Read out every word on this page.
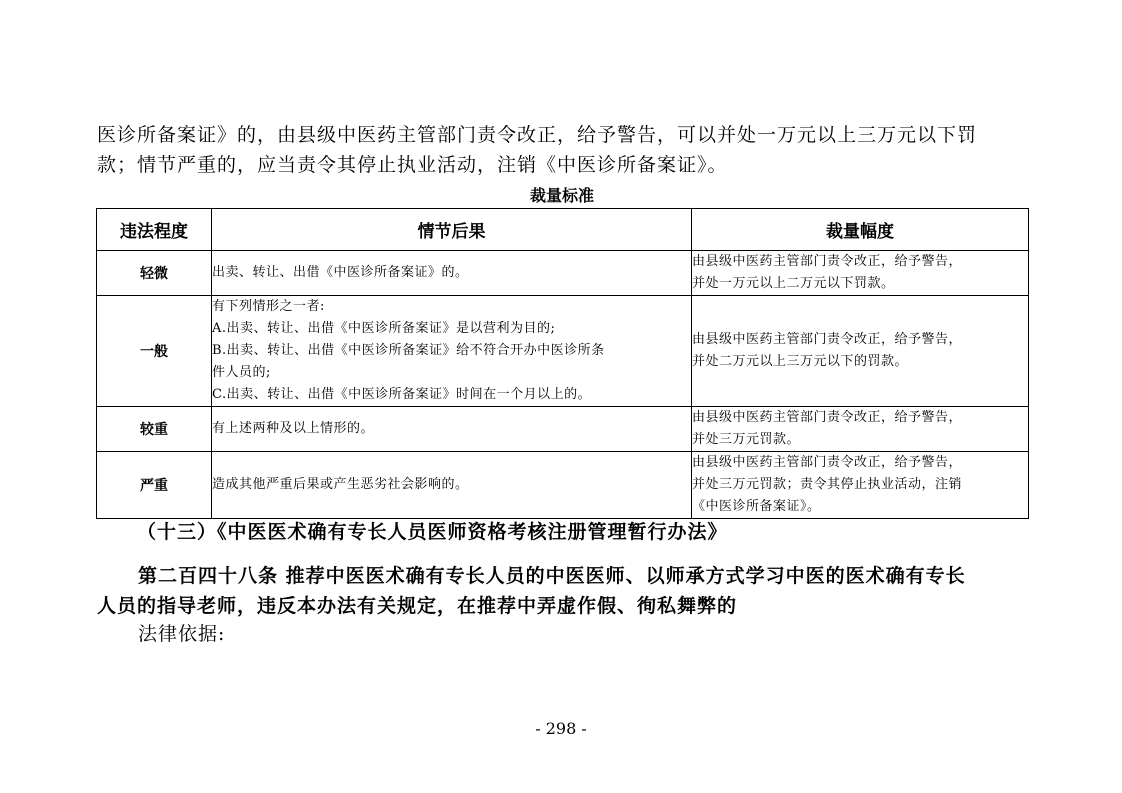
医诊所备案证》的，由县级中医药主管部门责令改正，给予警告，可以并处一万元以上三万元以下罚
款；情节严重的，应当责令其停止执业活动，注销《中医诊所备案证》。

裁量标准
违法程度	情节后果	裁量幅度
轻微	出卖、转让、出借《中医诊所备案证》的。	由县级中医药主管部门责令改正，给予警告，
并处一万元以上二万元以下罚款。

一般	有下列情形之一者:
A.出卖、转让、出借《中医诊所备案证》是以营利为目的;
B.出卖、转让、出借《中医诊所备案证》给不符合开办中医诊所条
件人员的;
C.出卖、转让、出借《中医诊所备案证》时间在一个月以上的。	由县级中医药主管部门责令改正，给予警告，
并处二万元以上三万元以下的罚款。

较重	有上述两种及以上情形的。	由县级中医药主管部门责令改正，给予警告，
并处三万元罚款。

严重	造成其他严重后果或产生恶劣社会影响的。	由县级中医药主管部门责令改正，给予警告，
并处三万元罚款；责令其停止执业活动，注销
《中医诊所备案证》。

（十三）《中医医术确有专长人员医师资格考核注册管理暂行办法》

第二百四十八条 推荐中医医术确有专长人员的中医医师、以师承方式学习中医的医术确有专长
人员的指导老师，违反本办法有关规定，在推荐中弄虚作假、徇私舞弊的

法律依据:

- 298 -
